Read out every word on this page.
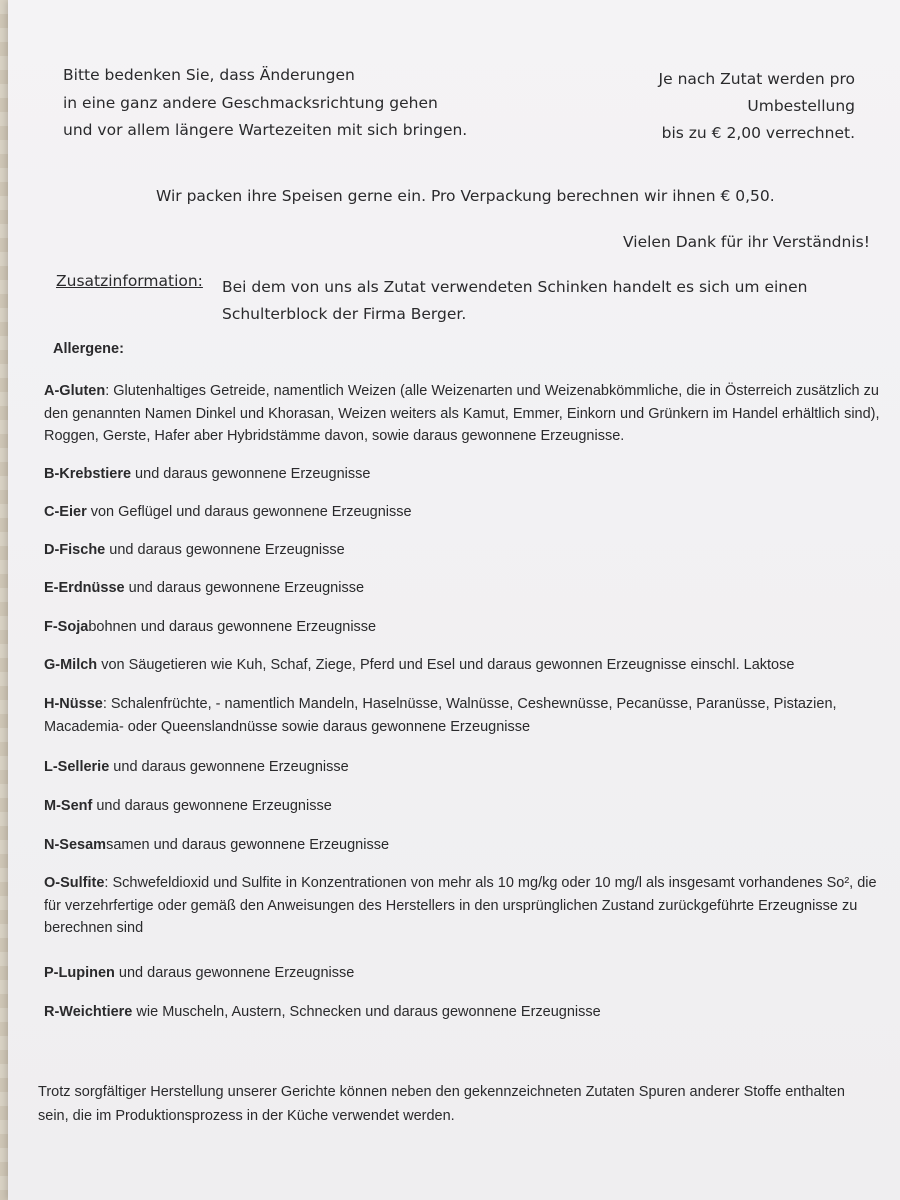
Bitte bedenken Sie, dass Änderungen
in eine ganz andere Geschmacksrichtung gehen
und vor allem längere Wartezeiten mit sich bringen.
Je nach Zutat werden pro Umbestellung
bis zu € 2,00 verrechnet.
Wir packen ihre Speisen gerne ein. Pro Verpackung berechnen wir ihnen € 0,50.
Vielen Dank für ihr Verständnis!
Zusatzinformation: Bei dem von uns als Zutat verwendeten Schinken handelt es sich um einen
Schulterblock der Firma Berger.
Allergene:
A-Gluten: Glutenhaltiges Getreide, namentlich Weizen (alle Weizenarten und Weizenabkömmliche, die in Österreich zusätzlich zu den genannten Namen Dinkel und Khorasan, Weizen weiters als Kamut, Emmer, Einkorn und Grünkern im Handel erhältlich sind), Roggen, Gerste, Hafer aber Hybridstämme davon, sowie daraus gewonnene Erzeugnisse.
B-Krebstiere und daraus gewonnene Erzeugnisse
C-Eier von Geflügel und daraus gewonnene Erzeugnisse
D-Fische und daraus gewonnene Erzeugnisse
E-Erdnüsse und daraus gewonnene Erzeugnisse
F-Sojabohnen und daraus gewonnene Erzeugnisse
G-Milch von Säugetieren wie Kuh, Schaf, Ziege, Pferd und Esel und daraus gewonnen Erzeugnisse einschl. Laktose
H-Nüsse: Schalenfrüchte, - namentlich Mandeln, Haselnüsse, Walnüsse, Ceshewnüsse, Pecanüsse, Paranüsse, Pistazien, Macademia- oder Queenslandnüsse sowie daraus gewonnene Erzeugnisse
L-Sellerie und daraus gewonnene Erzeugnisse
M-Senf und daraus gewonnene Erzeugnisse
N-Sesamsamen und daraus gewonnene Erzeugnisse
O-Sulfite: Schwefeldioxid und Sulfite in Konzentrationen von mehr als 10 mg/kg oder 10 mg/l als insgesamt vorhandenes So², die für verzehrfertige oder gemäß den Anweisungen des Herstellers in den ursprünglichen Zustand zurückgeführte Erzeugnisse zu berechnen sind
P-Lupinen und daraus gewonnene Erzeugnisse
R-Weichtiere wie Muscheln, Austern, Schnecken und daraus gewonnene Erzeugnisse
Trotz sorgfältiger Herstellung unserer Gerichte können neben den gekennzeichneten Zutaten Spuren anderer Stoffe enthalten sein, die im Produktionsprozess in der Küche verwendet werden.
